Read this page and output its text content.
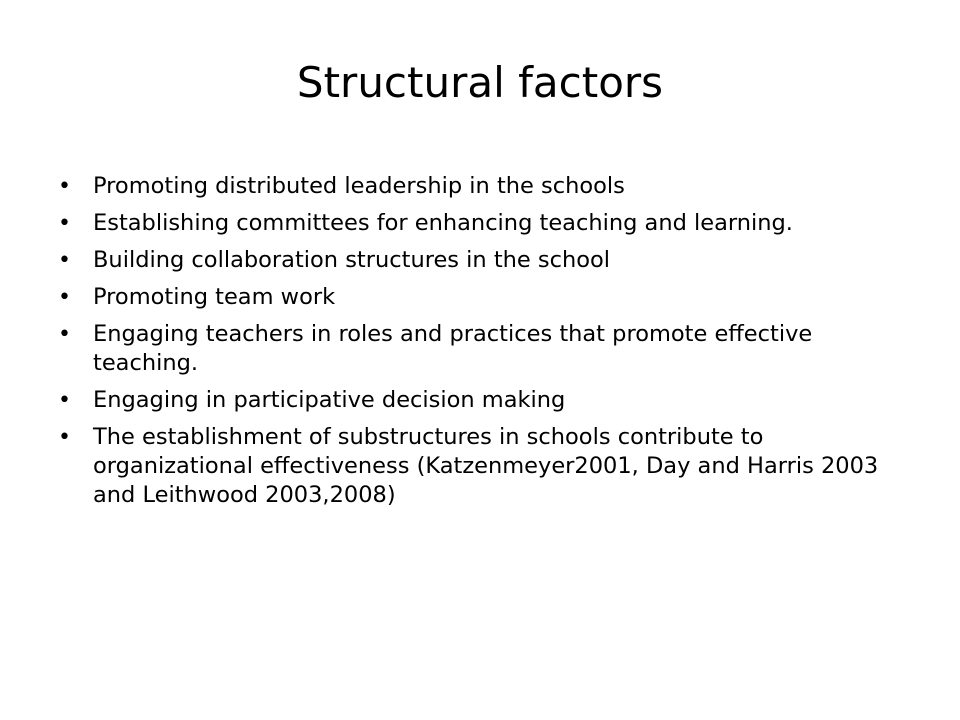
Structural factors
• Promoting distributed leadership in the schools
• Establishing committees for enhancing teaching and learning.
• Building collaboration structures in the school
• Promoting team work
• Engaging teachers in roles and practices that promote effective teaching.
• Engaging in participative decision making
• The establishment of substructures in schools contribute to organizational effectiveness (Katzenmeyer2001, Day and Harris 2003 and Leithwood 2003,2008)
